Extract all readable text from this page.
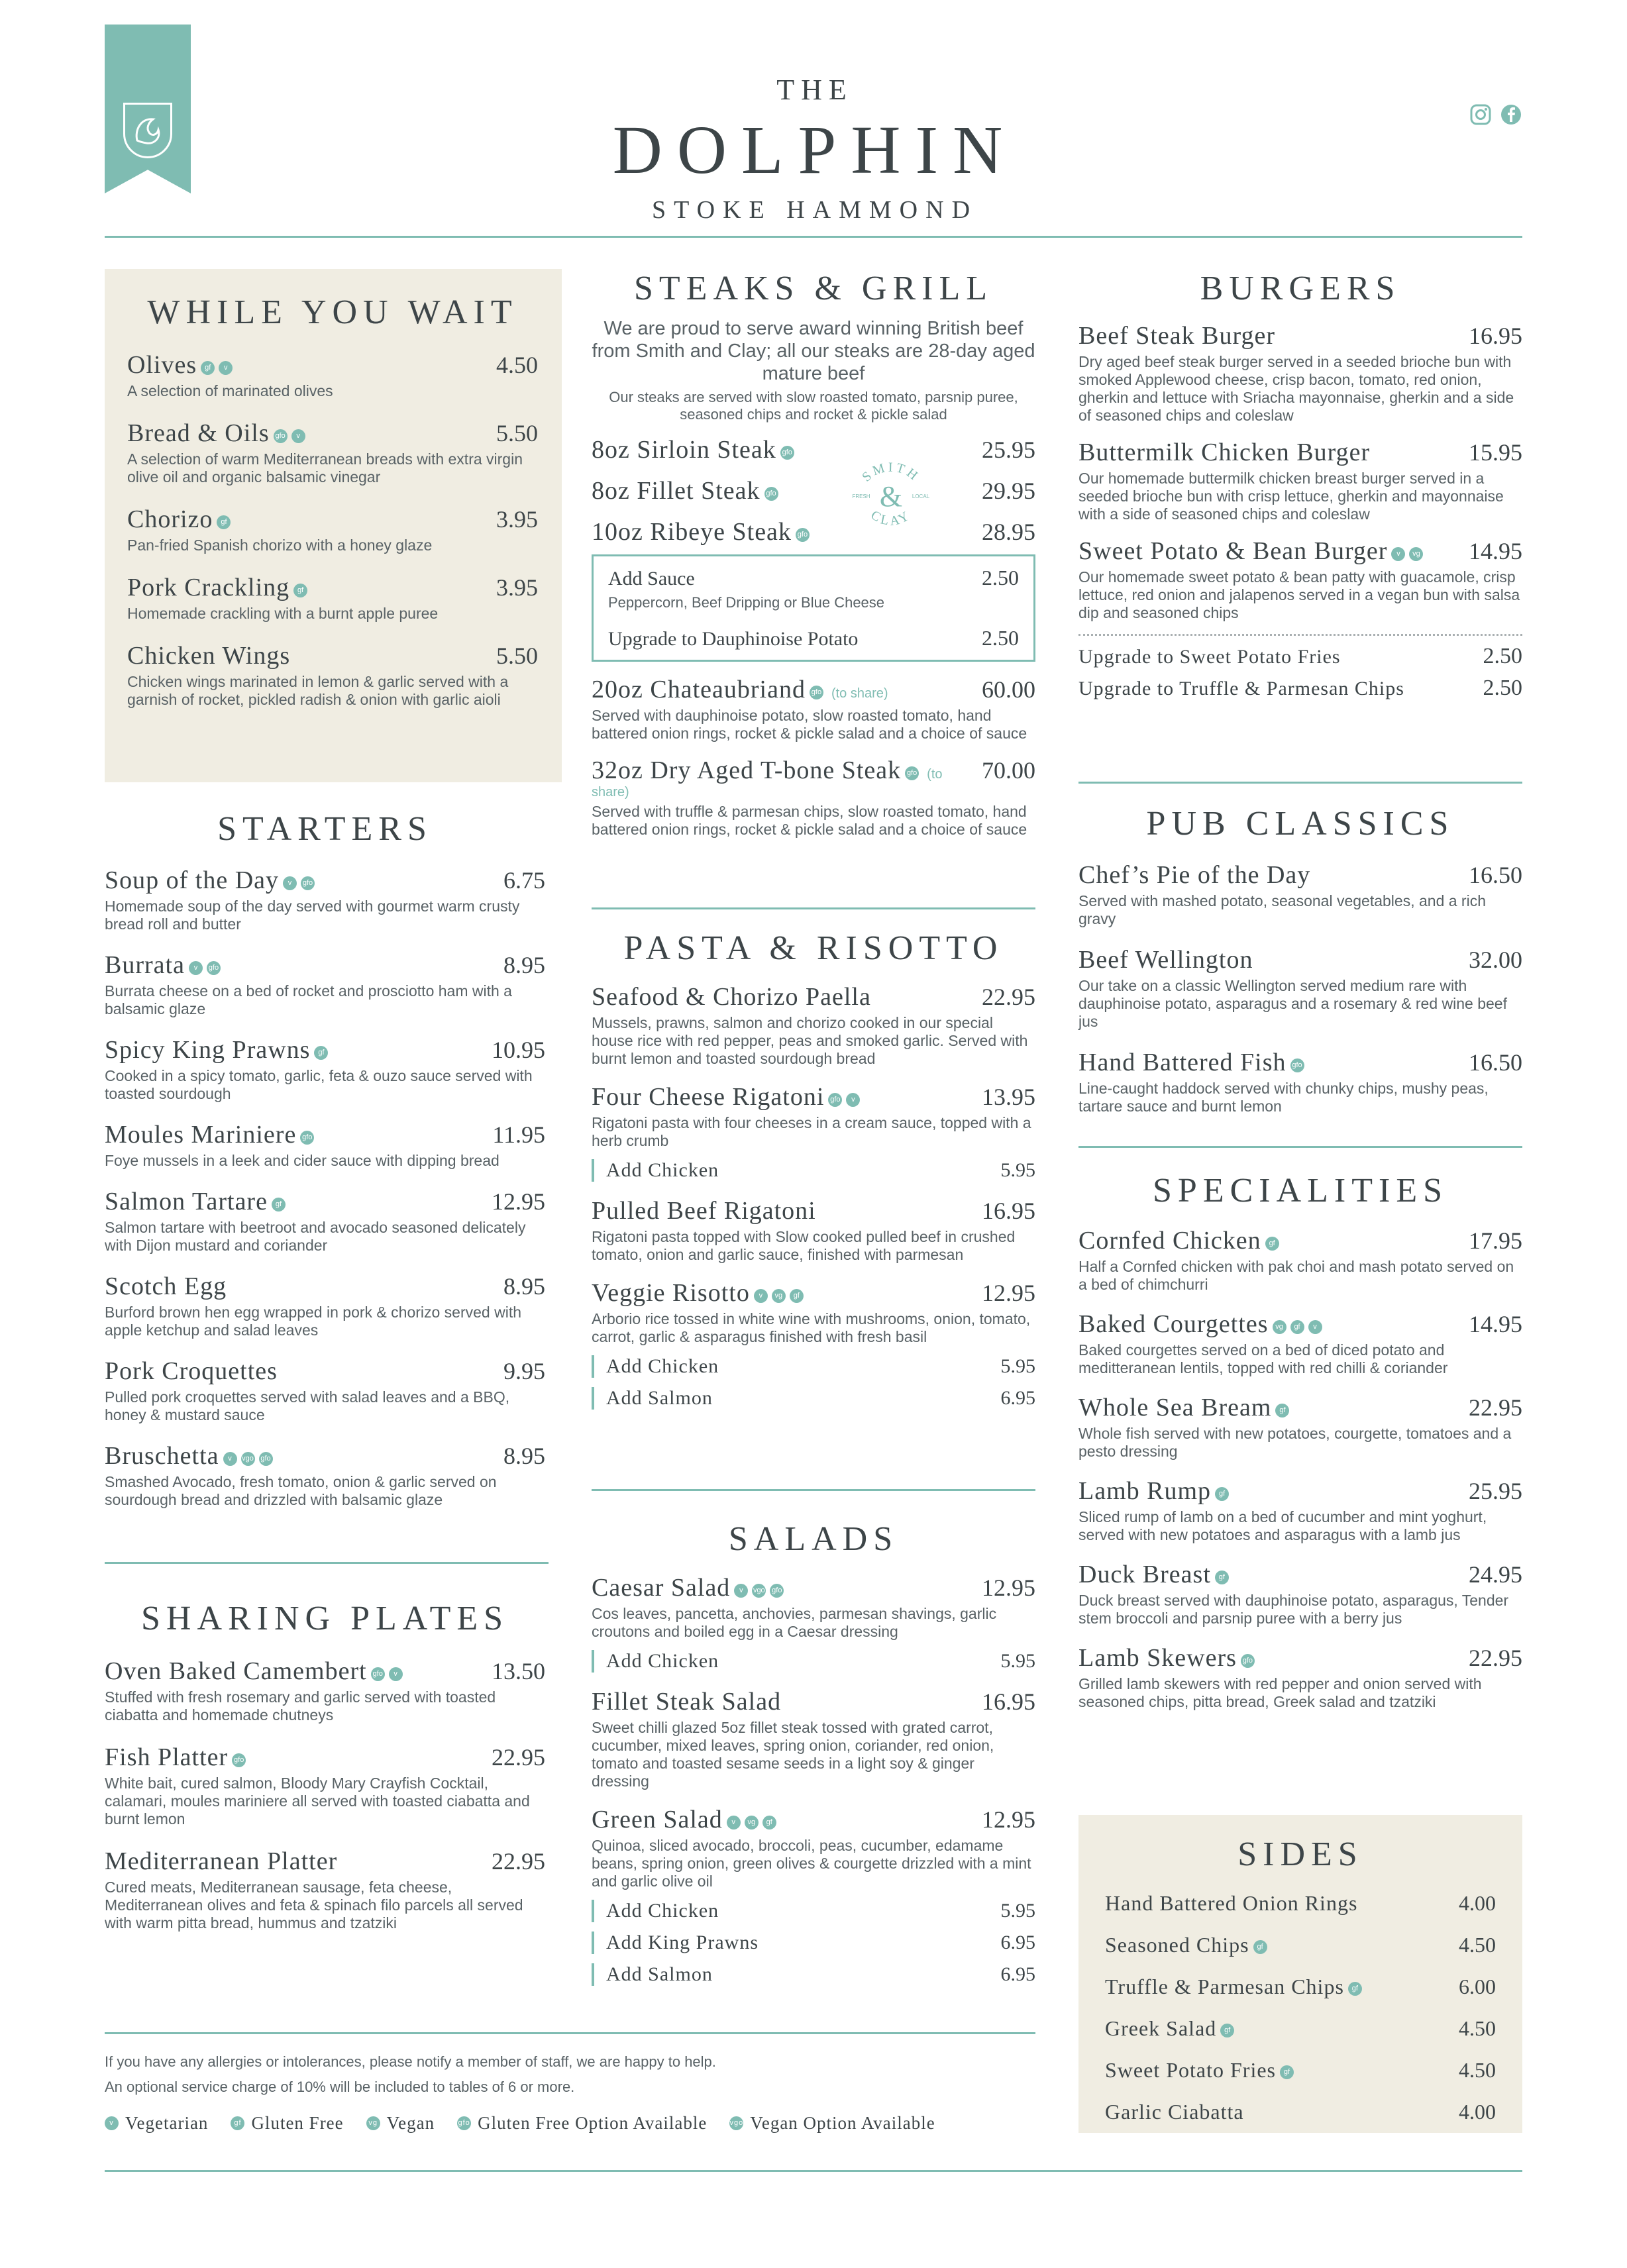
THE
DOLPHIN
STOKE HAMMOND
WHILE YOU WAIT
Olives gf v	4.50
A selection of marinated olives
Bread & Oils gfo v	5.50
A selection of warm Mediterranean breads with extra virgin olive oil and organic balsamic vinegar
Chorizo gf	3.95
Pan-fried Spanish chorizo with a honey glaze
Pork Crackling gf	3.95
Homemade crackling with a burnt apple puree
Chicken Wings	5.50
Chicken wings marinated in lemon & garlic served with a garnish of rocket, pickled radish & onion with garlic aioli
STARTERS
Soup of the Day v gfo	6.75
Homemade soup of the day served with gourmet warm crusty bread roll and butter
Burrata v gfo	8.95
Burrata cheese on a bed of rocket and prosciotto ham with a balsamic glaze
Spicy King Prawns gf	10.95
Cooked in a spicy tomato, garlic, feta & ouzo sauce served with toasted sourdough
Moules Mariniere gfo	11.95
Foye mussels in a leek and cider sauce with dipping bread
Salmon Tartare gf	12.95
Salmon tartare with beetroot and avocado seasoned delicately with Dijon mustard and coriander
Scotch Egg	8.95
Burford brown hen egg wrapped in pork & chorizo served with apple ketchup and salad leaves
Pork Croquettes	9.95
Pulled pork croquettes served with salad leaves and a BBQ, honey & mustard sauce
Bruschetta v vgo gfo	8.95
Smashed Avocado, fresh tomato, onion & garlic served on sourdough bread and drizzled with balsamic glaze
SHARING PLATES
Oven Baked Camembert gfo v	13.50
Stuffed with fresh rosemary and garlic served with toasted ciabatta and homemade chutneys
Fish Platter gfo	22.95
White bait, cured salmon, Bloody Mary Crayfish Cocktail, calamari, moules mariniere all served with toasted ciabatta and burnt lemon
Mediterranean Platter	22.95
Cured meats, Mediterranean sausage, feta cheese, Mediterranean olives and feta & spinach filo parcels all served with warm pitta bread, hummus and tzatziki
STEAKS & GRILL
We are proud to serve award winning British beef from Smith and Clay; all our steaks are 28-day aged mature beef
Our steaks are served with slow roasted tomato, parsnip puree, seasoned chips and rocket & pickle salad
8oz Sirloin Steak gfo	25.95
8oz Fillet Steak gfo	29.95
10oz Ribeye Steak gfo	28.95
Add Sauce	2.50
Peppercorn, Beef Dripping or Blue Cheese
Upgrade to Dauphinoise Potato	2.50
20oz Chateaubriand gfo (to share)	60.00
Served with dauphinoise potato, slow roasted tomato, hand battered onion rings, rocket & pickle salad and a choice of sauce
32oz Dry Aged T-bone Steak gfo (to share)
70.00
Served with truffle & parmesan chips, slow roasted tomato, hand battered onion rings, rocket & pickle salad and a choice of sauce
SMITH
CLAY
&
FRESH	LOCAL
PASTA & RISOTTO
Seafood & Chorizo Paella	22.95
Mussels, prawns, salmon and chorizo cooked in our special house rice with red pepper, peas and smoked garlic. Served with burnt lemon and toasted sourdough bread
Four Cheese Rigatoni gfo v	13.95
Rigatoni pasta with four cheeses in a cream sauce, topped with a herb crumb
Add Chicken	5.95
Pulled Beef Rigatoni	16.95
Rigatoni pasta topped with Slow cooked pulled beef in crushed tomato, onion and garlic sauce, finished with parmesan
Veggie Risotto v vg gf	12.95
Arborio rice tossed in white wine with mushrooms, onion, tomato, carrot, garlic & asparagus finished with fresh basil
Add Chicken	5.95
Add Salmon	6.95
SALADS
Caesar Salad v vgo gfo	12.95
Cos leaves, pancetta, anchovies, parmesan shavings, garlic croutons and boiled egg in a Caesar dressing
Add Chicken	5.95
Fillet Steak Salad	16.95
Sweet chilli glazed 5oz fillet steak tossed with grated carrot, cucumber, mixed leaves, spring onion, coriander, red onion, tomato and toasted sesame seeds in a light soy & ginger dressing
Green Salad v vg gf	12.95
Quinoa, sliced avocado, broccoli, peas, cucumber, edamame beans, spring onion, green olives & courgette drizzled with a mint and garlic olive oil
Add Chicken	5.95
Add King Prawns	6.95
Add Salmon	6.95
BURGERS
Beef Steak Burger	16.95
Dry aged beef steak burger served in a seeded brioche bun with smoked Applewood cheese, crisp bacon, tomato, red onion, gherkin and lettuce with Sriacha mayonnaise, gherkin and a side of seasoned chips and coleslaw
Buttermilk Chicken Burger	15.95
Our homemade buttermilk chicken breast burger served in a seeded brioche bun with crisp lettuce, gherkin and mayonnaise with a side of seasoned chips and coleslaw
Sweet Potato & Bean Burger v vg 14.95
Our homemade sweet potato & bean patty with guacamole, crisp lettuce, red onion and jalapenos served in a vegan bun with salsa dip and seasoned chips
Upgrade to Sweet Potato Fries	2.50
Upgrade to Truffle & Parmesan Chips	2.50
PUB CLASSICS
Chef’s Pie of the Day	16.50
Served with mashed potato, seasonal vegetables, and a rich gravy
Beef Wellington	32.00
Our take on a classic Wellington served medium rare with dauphinoise potato, asparagus and a rosemary & red wine beef jus
Hand Battered Fish gfo	16.50
Line-caught haddock served with chunky chips, mushy peas, tartare sauce and burnt lemon
SPECIALITIES
Cornfed Chicken gf	17.95
Half a Cornfed chicken with pak choi and mash potato served on a bed of chimchurri
Baked Courgettes vg gf v	14.95
Baked courgettes served on a bed of diced potato and meditteranean lentils, topped with red chilli & coriander
Whole Sea Bream gf	22.95
Whole fish served with new potatoes, courgette, tomatoes and a pesto dressing
Lamb Rump gf	25.95
Sliced rump of lamb on a bed of cucumber and mint yoghurt, served with new potatoes and asparagus with a lamb jus
Duck Breast gf	24.95
Duck breast served with dauphinoise potato, asparagus, Tender stem broccoli and parsnip puree with a berry jus
Lamb Skewers gfo	22.95
Grilled lamb skewers with red pepper and onion served with seasoned chips, pitta bread, Greek salad and tzatziki
SIDES
Hand Battered Onion Rings	4.00
Seasoned Chips gf	4.50
Truffle & Parmesan Chips gf	6.00
Greek Salad gf	4.50
Sweet Potato Fries gf	4.50
Garlic Ciabatta	4.00

If you have any allergies or intolerances, please notify a member of staff, we are happy to help.

An optional service charge of 10% will be included to tables of 6 or more.

v Vegetarian	gf Gluten Free	vg Vegan	gfo Gluten Free Option Available	vgo Vegan Option Available
